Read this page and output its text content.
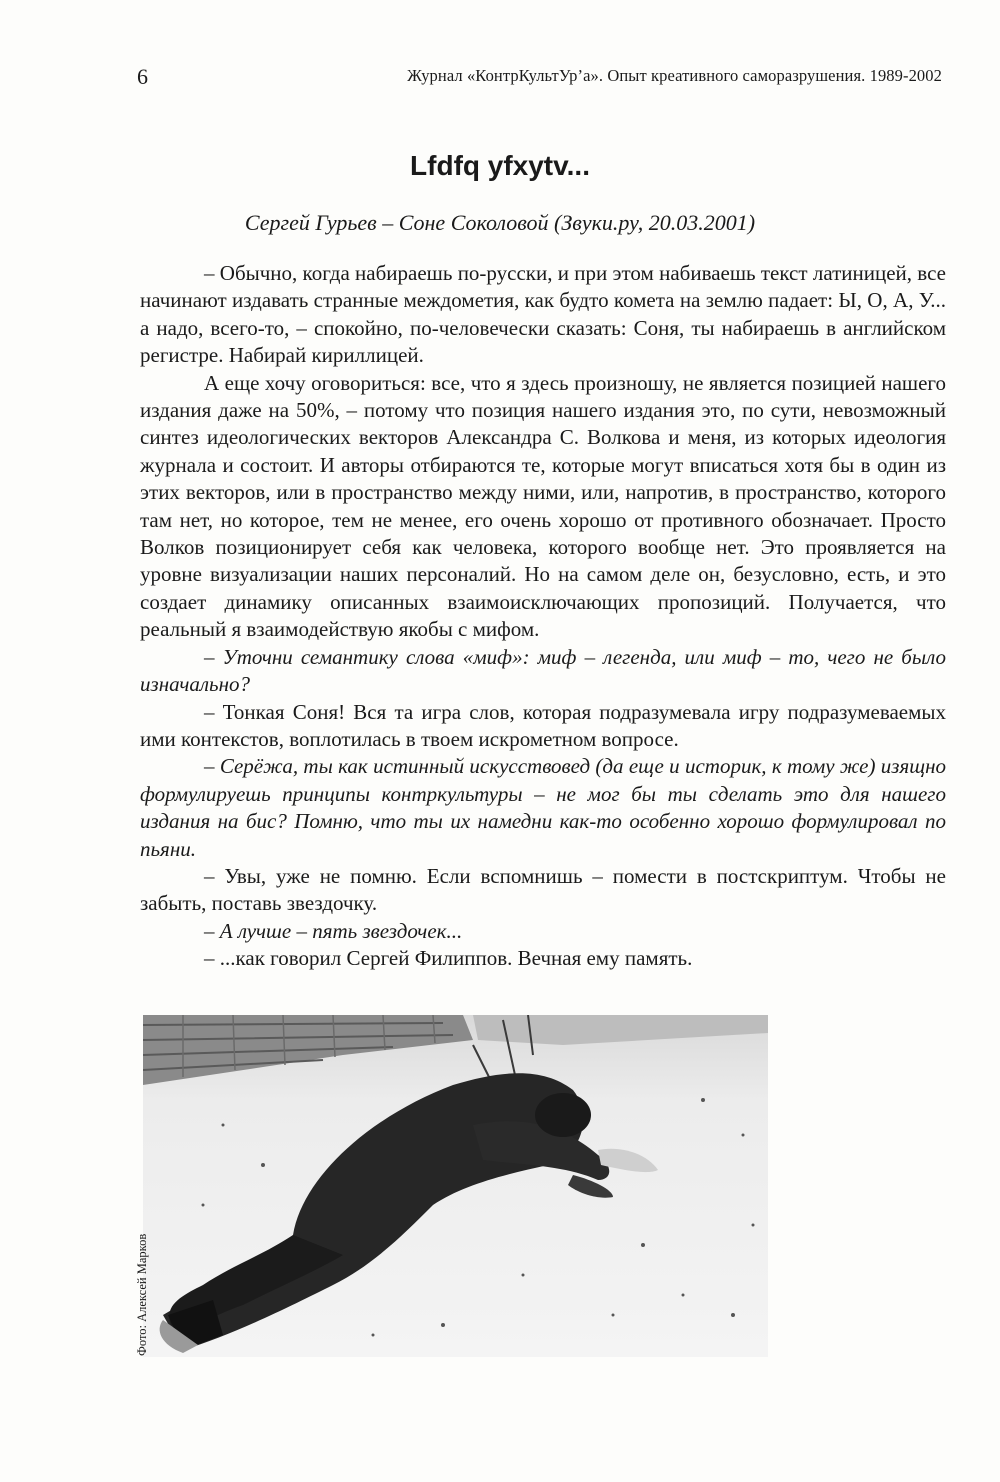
6	Журнал «КонтрКультУр’а». Опыт креативного саморазрушения. 1989-2002
Lfdfq yfxytv...
Сергей Гурьев – Соне Соколовой (Звуки.ру, 20.03.2001)

– Обычно, когда набираешь по-русски, и при этом набиваешь текст латиницей, все начинают издавать странные междометия, как будто комета на землю падает: Ы, О, А, У... а надо, всего-то, – спокойно, по-человечески сказать: Соня, ты набираешь в английском регистре. Набирай кириллицей.

А еще хочу оговориться: все, что я здесь произношу, не является позицией нашего издания даже на 50%, – потому что позиция нашего издания это, по сути, невозможный синтез идеологических векторов Александра С. Волкова и меня, из которых идеология журнала и состоит. И авторы отбираются те, которые могут вписаться хотя бы в один из этих векторов, или в пространство между ними, или, напротив, в пространство, которого там нет, но которое, тем не менее, его очень хорошо от противного обозначает. Просто Волков позиционирует себя как человека, которого вообще нет. Это проявляется на уровне визуализации наших персоналий. Но на самом деле он, безусловно, есть, и это создает динамику описанных взаимоисключающих пропозиций. Получается, что реальный я взаимодействую якобы с мифом.

– Уточни семантику слова «миф»: миф – легенда, или миф – то, чего не было изначально?

– Тонкая Соня! Вся та игра слов, которая подразумевала игру подразумеваемых ими контекстов, воплотилась в твоем искрометном вопросе.

– Серёжа, ты как истинный искусствовед (да еще и историк, к тому же) изящно формулируешь принципы контркультуры – не мог бы ты сделать это для нашего издания на бис? Помню, что ты их намедни как-то особенно хорошо формулировал по пьяни.

– Увы, уже не помню. Если вспомнишь – помести в постскриптум. Чтобы не забыть, поставь звездочку.

– А лучше – пять звездочек...

– ...как говорил Сергей Филиппов. Вечная ему память.

Фото: Алексей Марков
